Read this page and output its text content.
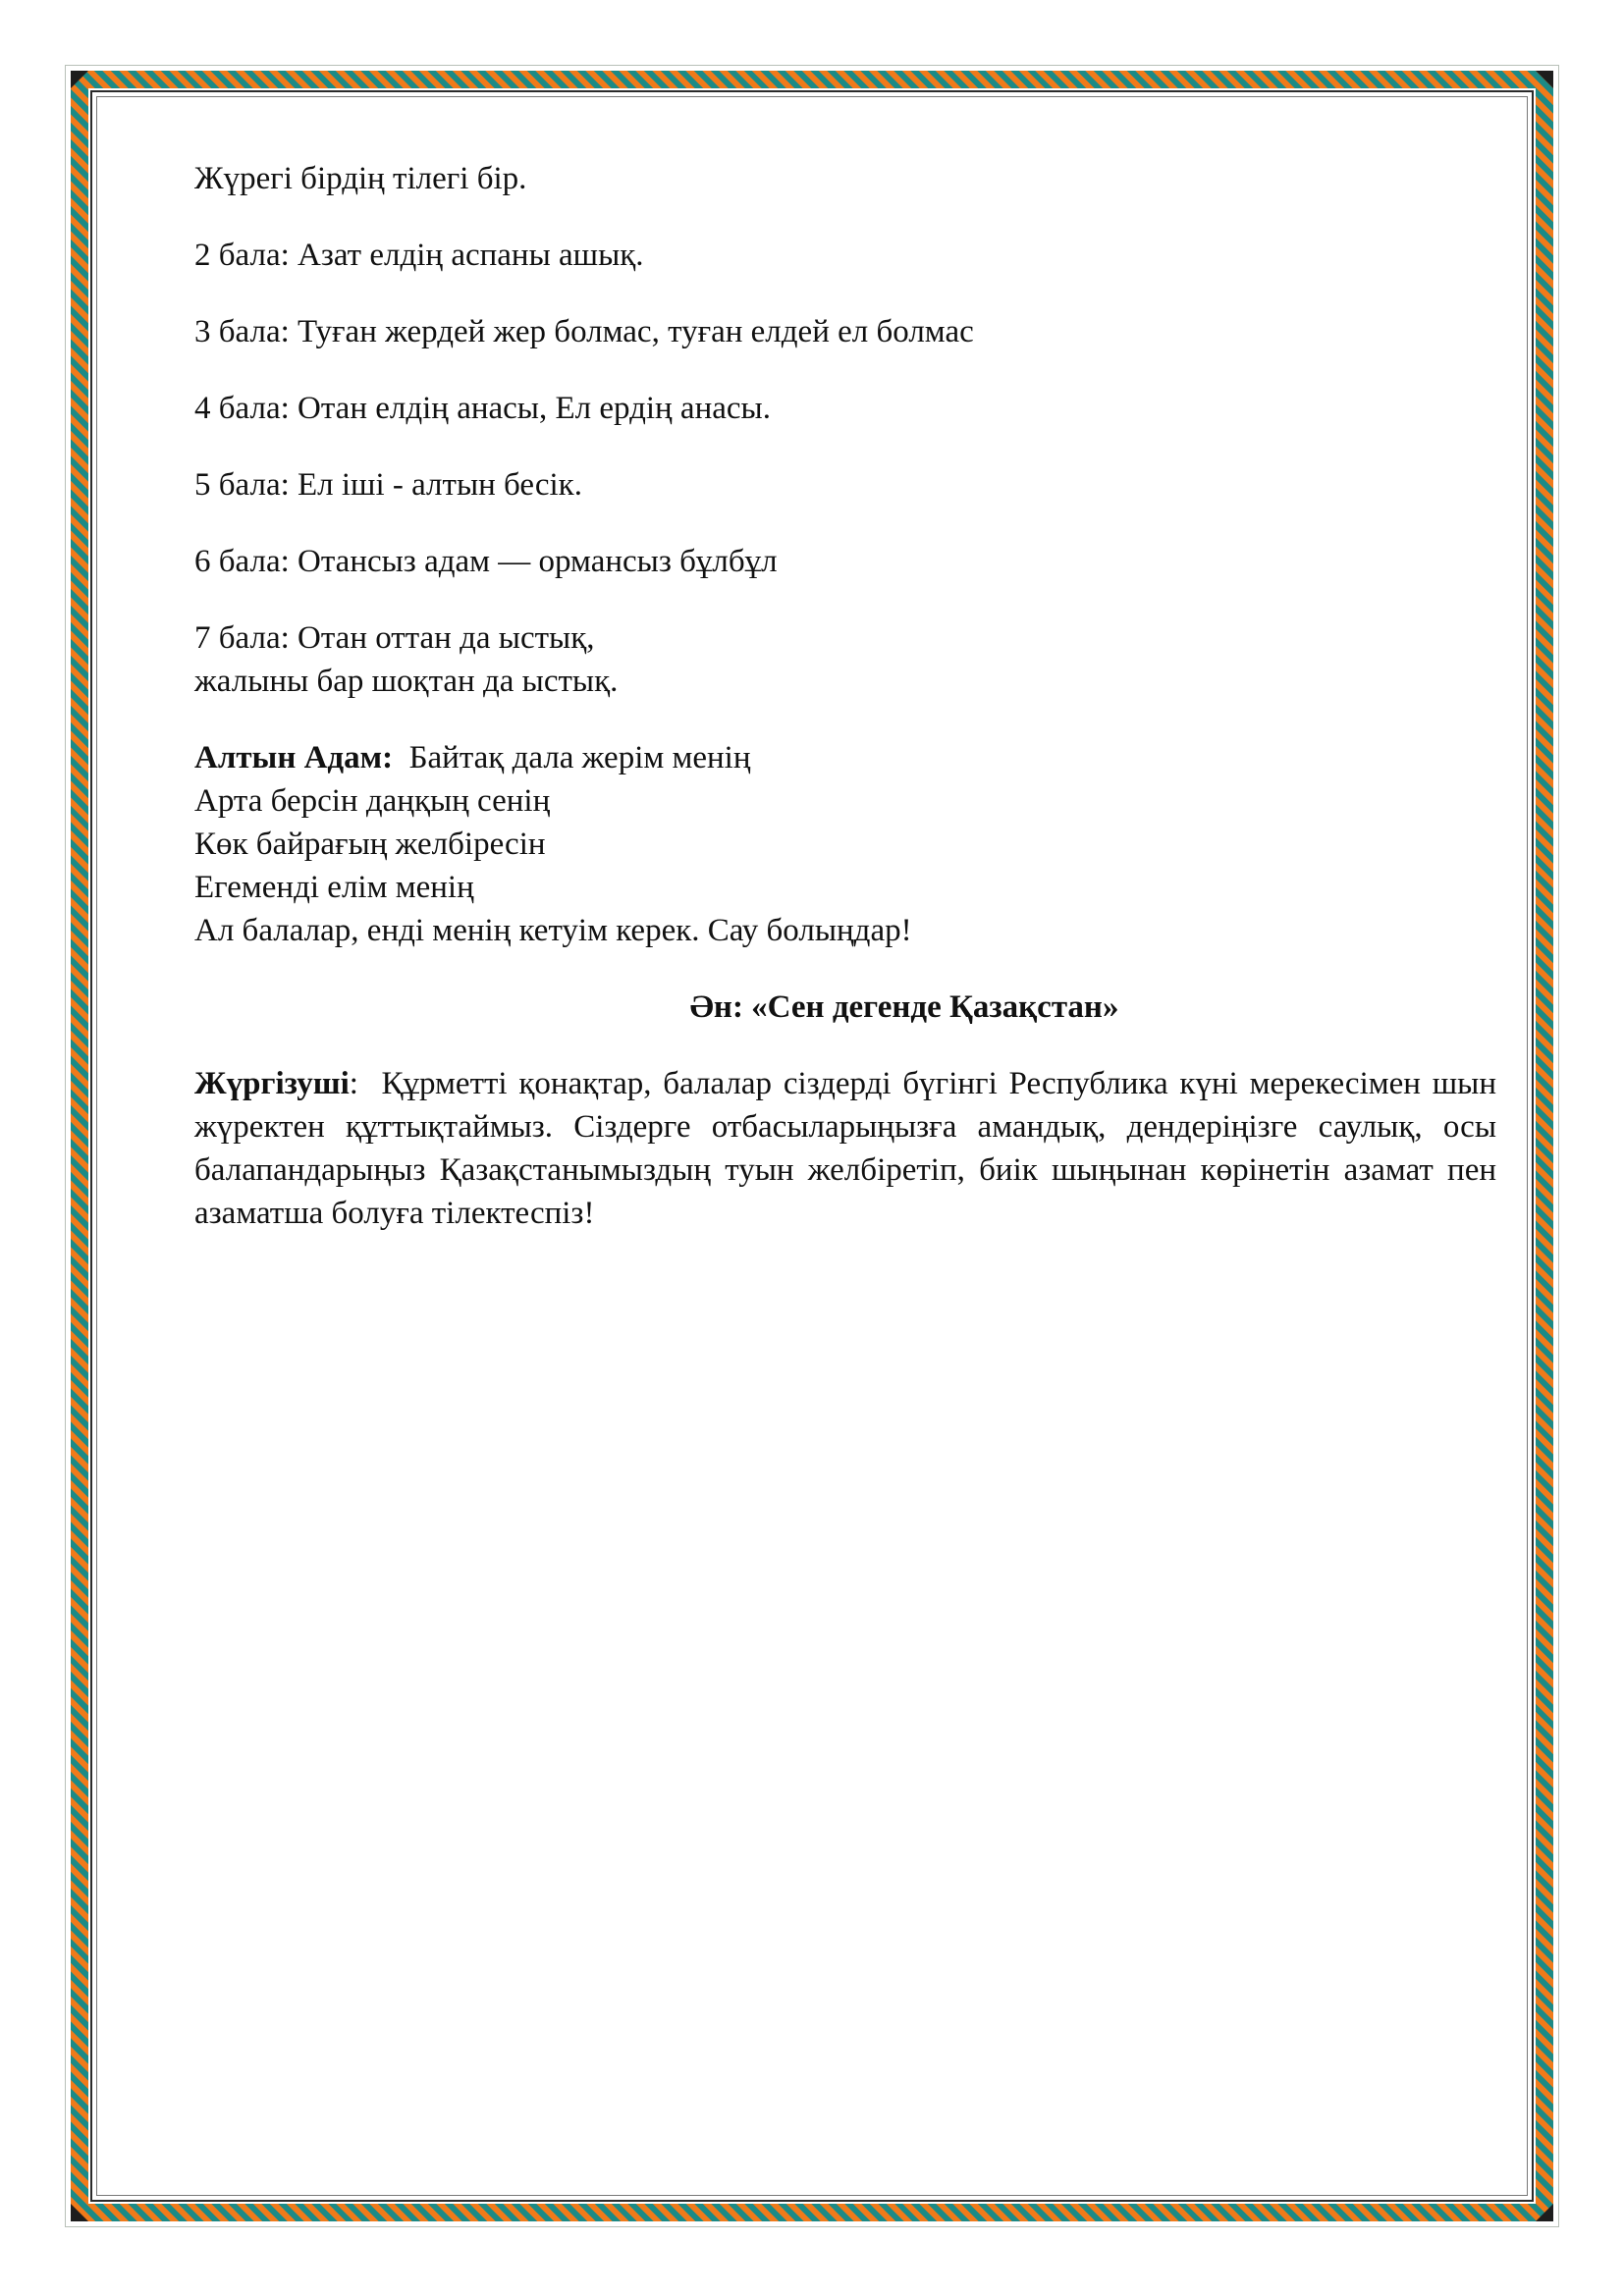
Жүрегі бірдің тілегі бір.

2 бала: Азат елдің аспаны ашық.

3 бала: Туған жердей жер болмас, туған елдей ел болмас

4 бала: Отан елдің анасы, Ел ердің анасы.

5 бала: Ел іші - алтын бесік.

6 бала: Отансыз адам — ормансыз бұлбұл

7 бала: Отан оттан да ыстық,
жалыны бар шоқтан да ыстық.

Алтын Адам: Байтақ дала жерім менің
Арта берсін даңқың сенің
Көк байрағың желбіресін
Егеменді елім менің
Ал балалар, енді менің кетуім керек. Сау болыңдар!

Ән: «Сен дегенде Қазақстан»

Жүргізуші: Құрметті қонақтар, балалар сіздерді бүгінгі Республика күні мерекесімен шын жүректен құттықтаймыз. Сіздерге отбасыларыңызға амандық, дендеріңізге саулық, осы балапандарыңыз Қазақстанымыздың туын желбіретіп, биік шыңынан көрінетін азамат пен азаматша болуға тілектеспіз!
